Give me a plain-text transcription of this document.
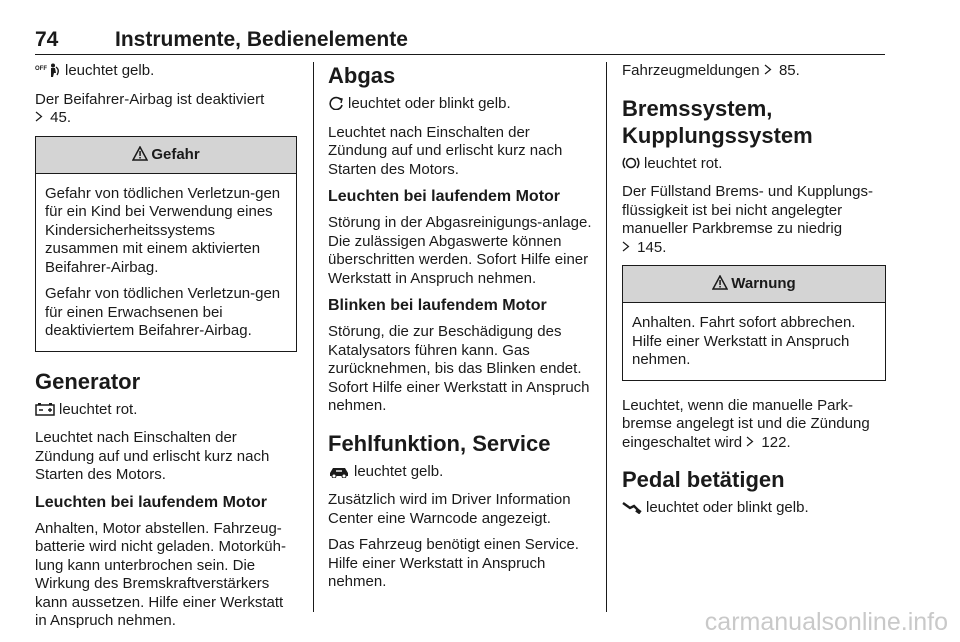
74	Instrumente, Bedienelemente

OFF leuchtet gelb.

Der Beifahrer-Airbag ist deaktiviert
45.

Gefahr

Gefahr von tödlichen Verletzun-gen für ein Kind bei Verwendung eines Kindersicherheitssystems zusammen mit einem aktivierten Beifahrer-Airbag.

Gefahr von tödlichen Verletzun-gen für einen Erwachsenen bei deaktiviertem Beifahrer-Airbag.

Generator

leuchtet rot.

Leuchtet nach Einschalten der Zündung auf und erlischt kurz nach Starten des Motors.

Leuchten bei laufendem Motor

Anhalten, Motor abstellen. Fahrzeug-batterie wird nicht geladen. Motorküh-lung kann unterbrochen sein. Die Wirkung des Bremskraftverstärkers kann aussetzen. Hilfe einer Werkstatt in Anspruch nehmen.

Abgas

leuchtet oder blinkt gelb.

Leuchtet nach Einschalten der Zündung auf und erlischt kurz nach Starten des Motors.

Leuchten bei laufendem Motor

Störung in der Abgasreinigungs-anlage. Die zulässigen Abgaswerte können überschritten werden. Sofort Hilfe einer Werkstatt in Anspruch nehmen.

Blinken bei laufendem Motor

Störung, die zur Beschädigung des Katalysators führen kann. Gas zurücknehmen, bis das Blinken endet. Sofort Hilfe einer Werkstatt in Anspruch nehmen.

Fehlfunktion, Service

leuchtet gelb.

Zusätzlich wird im Driver Information Center eine Warncode angezeigt.

Das Fahrzeug benötigt einen Service. Hilfe einer Werkstatt in Anspruch nehmen.

Fahrzeugmeldungen 85.

Bremssystem, Kupplungssystem

leuchtet rot.

Der Füllstand Brems- und Kupplungs-flüssigkeit ist bei nicht angelegter manueller Parkbremse zu niedrig
145.

Warnung

Anhalten. Fahrt sofort abbrechen. Hilfe einer Werkstatt in Anspruch nehmen.

Leuchtet, wenn die manuelle Park-bremse angelegt ist und die Zündung eingeschaltet wird 122.

Pedal betätigen

leuchtet oder blinkt gelb.

carmanualsonline.info
